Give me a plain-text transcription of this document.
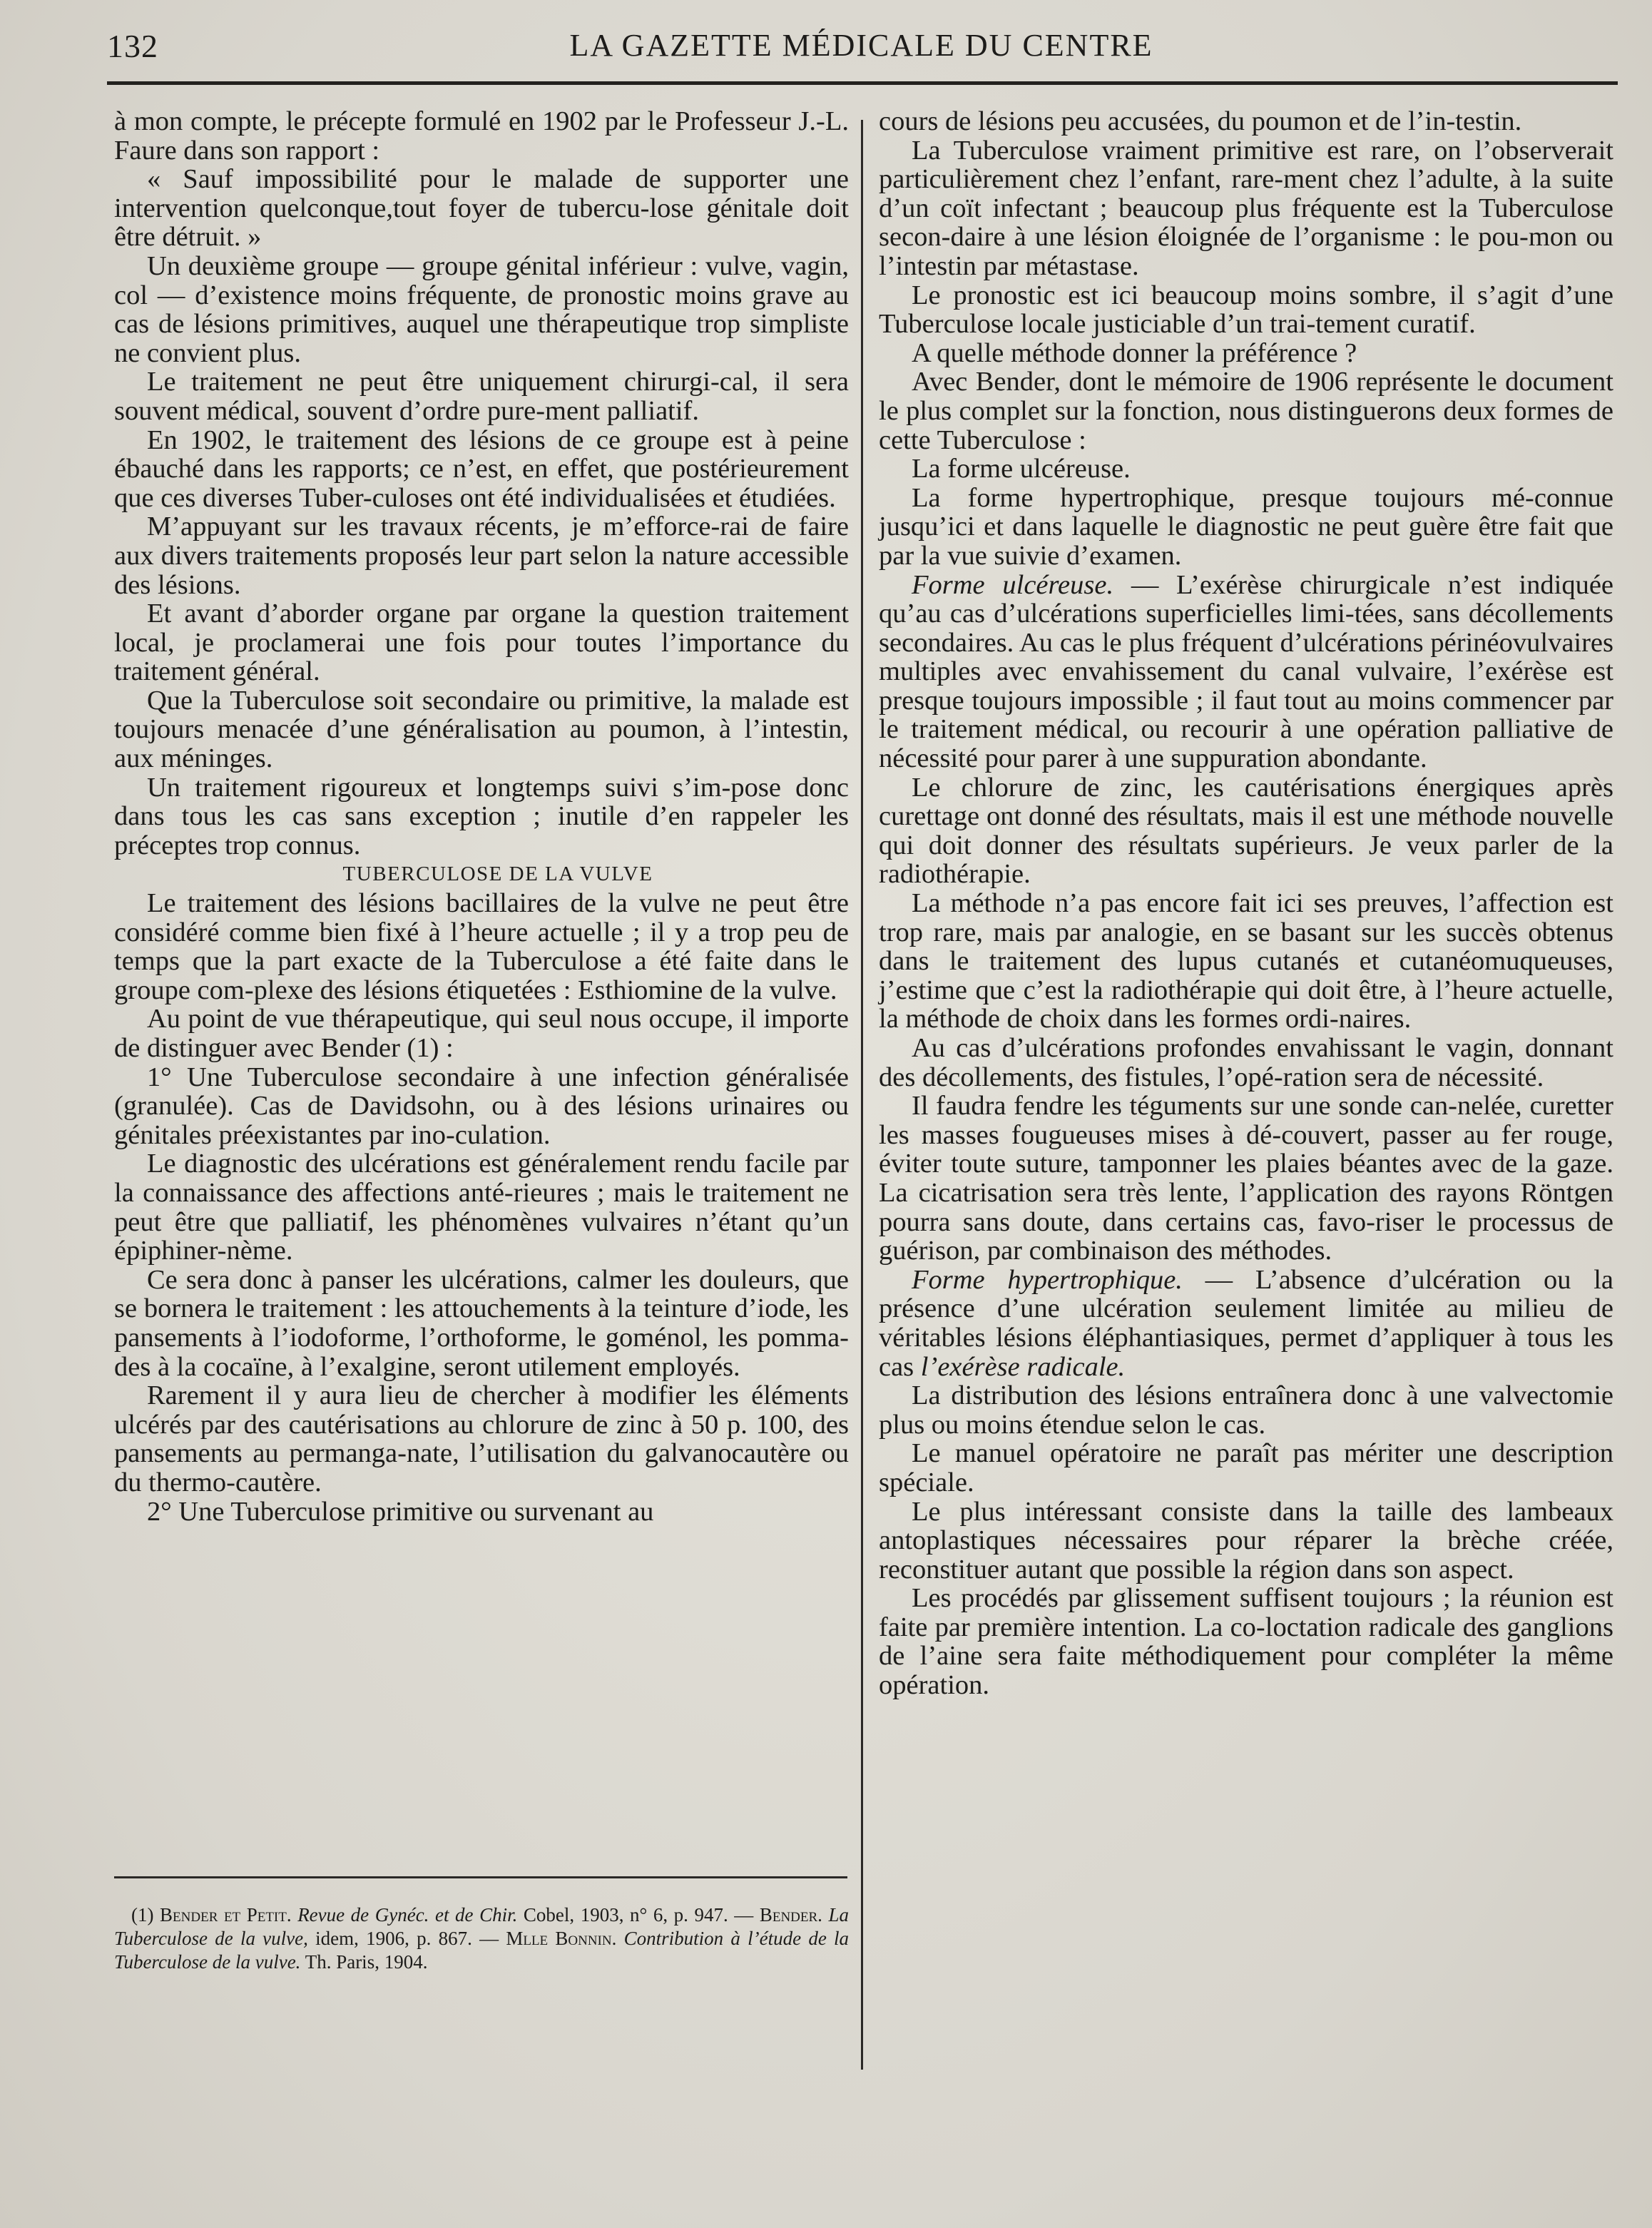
132	LA GAZETTE MÉDICALE DU CENTRE

à mon compte, le précepte formulé en 1902 par le Professeur J.-L. Faure dans son rapport :

« Sauf impossibilité pour le malade de supporter une intervention quelconque,tout foyer de tubercu-lose génitale doit être détruit. »

Un deuxième groupe — groupe génital inférieur : vulve, vagin, col — d’existence moins fréquente, de pronostic moins grave au cas de lésions primitives, auquel une thérapeutique trop simpliste ne convient plus.

Le traitement ne peut être uniquement chirurgi-cal, il sera souvent médical, souvent d’ordre pure-ment palliatif.

En 1902, le traitement des lésions de ce groupe est à peine ébauché dans les rapports; ce n’est, en effet, que postérieurement que ces diverses Tuber-culoses ont été individualisées et étudiées.

M’appuyant sur les travaux récents, je m’efforce-rai de faire aux divers traitements proposés leur part selon la nature accessible des lésions.

Et avant d’aborder organe par organe la question traitement local, je proclamerai une fois pour toutes l’importance du traitement général.

Que la Tuberculose soit secondaire ou primitive, la malade est toujours menacée d’une généralisation au poumon, à l’intestin, aux méninges.

Un traitement rigoureux et longtemps suivi s’im-pose donc dans tous les cas sans exception ; inutile d’en rappeler les préceptes trop connus.

TUBERCULOSE DE LA VULVE

Le traitement des lésions bacillaires de la vulve ne peut être considéré comme bien fixé à l’heure actuelle ; il y a trop peu de temps que la part exacte de la Tuberculose a été faite dans le groupe com-plexe des lésions étiquetées : Esthiomine de la vulve.

Au point de vue thérapeutique, qui seul nous occupe, il importe de distinguer avec Bender (1) :

1° Une Tuberculose secondaire à une infection généralisée (granulée). Cas de Davidsohn, ou à des lésions urinaires ou génitales préexistantes par ino-culation.

Le diagnostic des ulcérations est généralement rendu facile par la connaissance des affections anté-rieures ; mais le traitement ne peut être que palliatif, les phénomènes vulvaires n’étant qu’un épiphiner-nème.

Ce sera donc à panser les ulcérations, calmer les douleurs, que se bornera le traitement : les attouchements à la teinture d’iode, les pansements à l’iodoforme, l’orthoforme, le goménol, les pomma-des à la cocaïne, à l’exalgine, seront utilement employés.

Rarement il y aura lieu de chercher à modifier les éléments ulcérés par des cautérisations au chlorure de zinc à 50 p. 100, des pansements au permanga-nate, l’utilisation du galvanocautère ou du thermo-cautère.

2° Une Tuberculose primitive ou survenant au

(1) Bender et Petit. Revue de Gynéc. et de Chir. Cobel, 1903, n° 6, p. 947. — Bender. La Tuberculose de la vulve, idem, 1906, p. 867. — Mlle Bonnin. Contribution à l’étude de la Tuberculose de la vulve. Th. Paris, 1904.

cours de lésions peu accusées, du poumon et de l’in-testin.

La Tuberculose vraiment primitive est rare, on l’observerait particulièrement chez l’enfant, rare-ment chez l’adulte, à la suite d’un coït infectant ; beaucoup plus fréquente est la Tuberculose secon-daire à une lésion éloignée de l’organisme : le pou-mon ou l’intestin par métastase.

Le pronostic est ici beaucoup moins sombre, il s’agit d’une Tuberculose locale justiciable d’un trai-tement curatif.

A quelle méthode donner la préférence ?

Avec Bender, dont le mémoire de 1906 représente le document le plus complet sur la fonction, nous distinguerons deux formes de cette Tuberculose :

La forme ulcéreuse.

La forme hypertrophique, presque toujours mé-connue jusqu’ici et dans laquelle le diagnostic ne peut guère être fait que par la vue suivie d’examen.

Forme ulcéreuse. — L’exérèse chirurgicale n’est indiquée qu’au cas d’ulcérations superficielles limi-tées, sans décollements secondaires. Au cas le plus fréquent d’ulcérations périnéovulvaires multiples avec envahissement du canal vulvaire, l’exérèse est presque toujours impossible ; il faut tout au moins commencer par le traitement médical, ou recourir à une opération palliative de nécessité pour parer à une suppuration abondante.

Le chlorure de zinc, les cautérisations énergiques après curettage ont donné des résultats, mais il est une méthode nouvelle qui doit donner des résultats supérieurs. Je veux parler de la radiothérapie.

La méthode n’a pas encore fait ici ses preuves, l’affection est trop rare, mais par analogie, en se basant sur les succès obtenus dans le traitement des lupus cutanés et cutanéomuqueuses, j’estime que c’est la radiothérapie qui doit être, à l’heure actuelle, la méthode de choix dans les formes ordi-naires.

Au cas d’ulcérations profondes envahissant le vagin, donnant des décollements, des fistules, l’opé-ration sera de nécessité.

Il faudra fendre les téguments sur une sonde can-nelée, curetter les masses fougueuses mises à dé-couvert, passer au fer rouge, éviter toute suture, tamponner les plaies béantes avec de la gaze. La cicatrisation sera très lente, l’application des rayons Röntgen pourra sans doute, dans certains cas, favo-riser le processus de guérison, par combinaison des méthodes.

Forme hypertrophique. — L’absence d’ulcération ou la présence d’une ulcération seulement limitée au milieu de véritables lésions éléphantiasiques, permet d’appliquer à tous les cas l’exérèse radicale.

La distribution des lésions entraînera donc à une valvectomie plus ou moins étendue selon le cas.

Le manuel opératoire ne paraît pas mériter une description spéciale.

Le plus intéressant consiste dans la taille des lambeaux antoplastiques nécessaires pour réparer la brèche créée, reconstituer autant que possible la région dans son aspect.

Les procédés par glissement suffisent toujours ; la réunion est faite par première intention. La co-loctation radicale des ganglions de l’aine sera faite méthodiquement pour compléter la même opération.
